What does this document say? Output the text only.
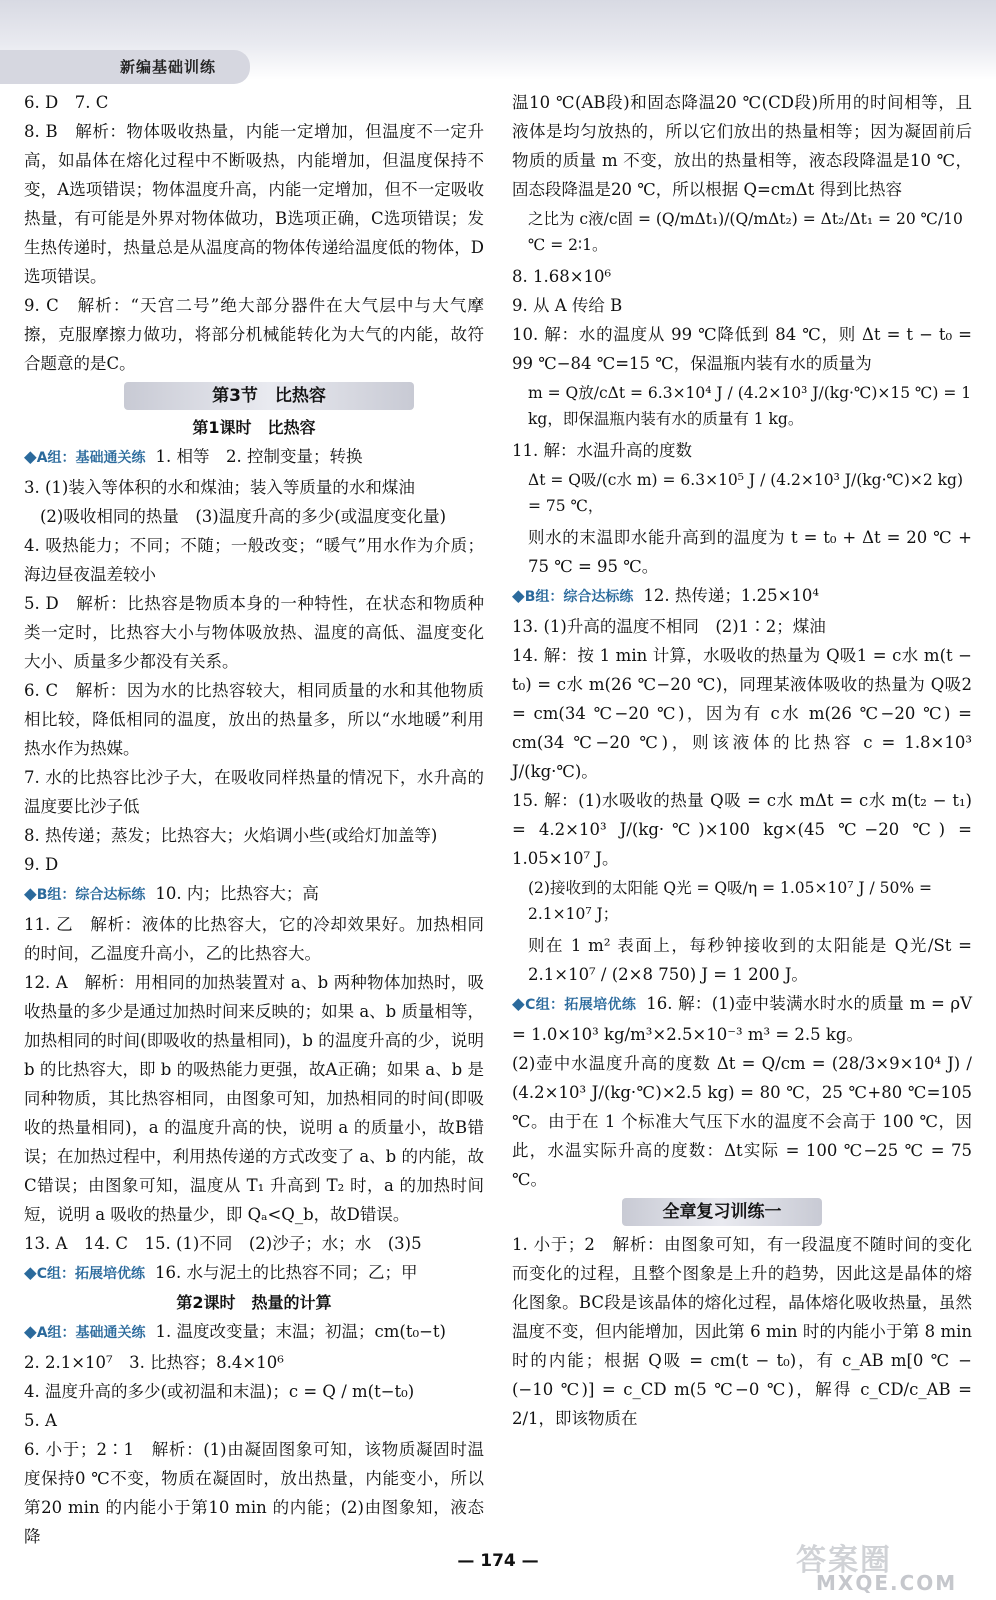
新编基础训练

6. D　7. C

8. B　解析：物体吸收热量，内能一定增加，但温度不一定升高，如晶体在熔化过程中不断吸热，内能增加，但温度保持不变，A选项错误；物体温度升高，内能一定增加，但不一定吸收热量，有可能是外界对物体做功，B选项正确，C选项错误；发生热传递时，热量总是从温度高的物体传递给温度低的物体，D选项错误。

9. C　解析：“天宫二号”绝大部分器件在大气层中与大气摩擦，克服摩擦力做功，将部分机械能转化为大气的内能，故符合题意的是C。

第3节　比热容
第1课时　比热容

◆A组：基础通关练 1. 相等　2. 控制变量；转换

3. (1)装入等体积的水和煤油；装入等质量的水和煤油

(2)吸收相同的热量　(3)温度升高的多少(或温度变化量)

4. 吸热能力；不同；不随；一般改变；“暖气”用水作为介质；海边昼夜温差较小

5. D　解析：比热容是物质本身的一种特性，在状态和物质种类一定时，比热容大小与物体吸放热、温度的高低、温度变化大小、质量多少都没有关系。

6. C　解析：因为水的比热容较大，相同质量的水和其他物质相比较，降低相同的温度，放出的热量多，所以“水地暖”利用热水作为热媒。

7. 水的比热容比沙子大，在吸收同样热量的情况下，水升高的温度要比沙子低

8. 热传递；蒸发；比热容大；火焰调小些(或给灯加盖等)

9. D

◆B组：综合达标练 10. 内；比热容大；高

11. 乙　解析：液体的比热容大，它的冷却效果好。加热相同的时间，乙温度升高小，乙的比热容大。

12. A　解析：用相同的加热装置对 a、b 两种物体加热时，吸收热量的多少是通过加热时间来反映的；如果 a、b 质量相等，加热相同的时间(即吸收的热量相同)，b 的温度升高的少，说明 b 的比热容大，即 b 的吸热能力更强，故A正确；如果 a、b 是同种物质，其比热容相同，由图象可知，加热相同的时间(即吸收的热量相同)，a 的温度升高的快，说明 a 的质量小，故B错误；在加热过程中，利用热传递的方式改变了 a、b 的内能，故C错误；由图象可知，温度从 T₁ 升高到 T₂ 时，a 的加热时间短，说明 a 吸收的热量少，即 Qₐ<Q_b，故D错误。

13. A　14. C　15. (1)不同　(2)沙子；水；水　(3)5

◆C组：拓展培优练 16. 水与泥土的比热容不同；乙；甲

第2课时　热量的计算

◆A组：基础通关练 1. 温度改变量；末温；初温；cm(t₀−t)

2. 2.1×10⁷　3. 比热容；8.4×10⁶

4. 温度升高的多少(或初温和末温)；c = Q / m(t−t₀)

5. A

6. 小于；2∶1　解析：(1)由凝固图象可知，该物质凝固时温度保持0 ℃不变，物质在凝固时，放出热量，内能变小，所以第20 min 的内能小于第10 min 的内能；(2)由图象知，液态降

温10 ℃(AB段)和固态降温20 ℃(CD段)所用的时间相等，且液体是均匀放热的，所以它们放出的热量相等；因为凝固前后物质的质量 m 不变，放出的热量相等，液态段降温是10 ℃，固态段降温是20 ℃，所以根据 Q=cmΔt 得到比热容

之比为 c液/c固 = (Q/mΔt₁)/(Q/mΔt₂) = Δt₂/Δt₁ = 20 ℃/10 ℃ = 2∶1。

8. 1.68×10⁶

9. 从 A 传给 B

10. 解：水的温度从 99 ℃降低到 84 ℃，则 Δt = t − t₀ = 99 ℃−84 ℃=15 ℃，保温瓶内装有水的质量为

m = Q放/cΔt = 6.3×10⁴ J / (4.2×10³ J/(kg·℃)×15 ℃) = 1 kg，即保温瓶内装有水的质量有 1 kg。

11. 解：水温升高的度数

Δt = Q吸/(c水 m) = 6.3×10⁵ J / (4.2×10³ J/(kg·℃)×2 kg) = 75 ℃，

则水的末温即水能升高到的温度为 t = t₀ + Δt = 20 ℃ + 75 ℃ = 95 ℃。

◆B组：综合达标练 12. 热传递；1.25×10⁴

13. (1)升高的温度不相同　(2)1∶2；煤油

14. 解：按 1 min 计算，水吸收的热量为 Q吸1 = c水 m(t − t₀) = c水 m(26 ℃−20 ℃)，同理某液体吸收的热量为 Q吸2 = cm(34 ℃−20 ℃)，因为有 c水 m(26 ℃−20 ℃) = cm(34 ℃−20 ℃)，则该液体的比热容 c = 1.8×10³ J/(kg·℃)。

15. 解：(1)水吸收的热量 Q吸 = c水 mΔt = c水 m(t₂ − t₁) = 4.2×10³ J/(kg·℃)×100 kg×(45 ℃−20 ℃) = 1.05×10⁷ J。

(2)接收到的太阳能 Q光 = Q吸/η = 1.05×10⁷ J / 50% = 2.1×10⁷ J；

则在 1 m² 表面上，每秒钟接收到的太阳能是 Q光/St = 2.1×10⁷ / (2×8 750) J = 1 200 J。

◆C组：拓展培优练 16. 解：(1)壶中装满水时水的质量 m = ρV = 1.0×10³ kg/m³×2.5×10⁻³ m³ = 2.5 kg。

(2)壶中水温度升高的度数 Δt = Q/cm = (28/3×9×10⁴ J) / (4.2×10³ J/(kg·℃)×2.5 kg) = 80 ℃，25 ℃+80 ℃=105 ℃。由于在 1 个标准大气压下水的温度不会高于 100 ℃，因此，水温实际升高的度数：Δt实际 = 100 ℃−25 ℃ = 75 ℃。

全章复习训练一

1. 小于；2　解析：由图象可知，有一段温度不随时间的变化而变化的过程，且整个图象是上升的趋势，因此这是晶体的熔化图象。BC段是该晶体的熔化过程，晶体熔化吸收热量，虽然温度不变，但内能增加，因此第 6 min 时的内能小于第 8 min 时的内能；根据 Q吸 = cm(t − t₀)，有 c_AB m[0 ℃ − (−10 ℃)] = c_CD m(5 ℃−0 ℃)，解得 c_CD/c_AB = 2/1，即该物质在

— 174 —	答案圈
MXQE.COM
